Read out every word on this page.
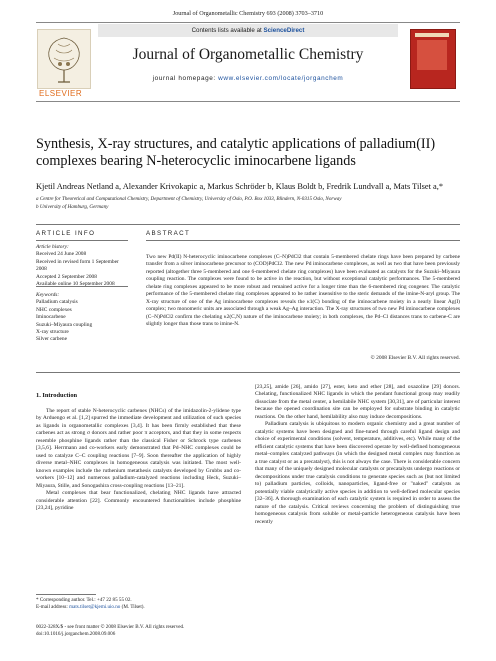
Journal of Organometallic Chemistry 693 (2008) 3703–3710
ELSEVIER
Contents lists available at ScienceDirect
Journal of Organometallic Chemistry
journal homepage: www.elsevier.com/locate/jorganchem
Synthesis, X-ray structures, and catalytic applications of palladium(II) complexes bearing N-heterocyclic iminocarbene ligands
Kjetil Andreas Netland a, Alexander Krivokapic a, Markus Schröder b, Klaus Boldt b, Fredrik Lundvall a, Mats Tilset a,*
a Centre for Theoretical and Computational Chemistry, Department of Chemistry, University of Oslo, P.O. Box 1033, Blindern, N-0315 Oslo, Norway
b University of Hamburg, Germany
ARTICLE INFO
Article history:
Received 24 June 2008
Received in revised form 1 September 2008
Accepted 2 September 2008
Available online 10 September 2008
Keywords:
Palladium catalysis
NHC complexes
Iminocarbene
Suzuki–Miyaura coupling
X-ray structure
Silver carbene
ABSTRACT
Two new Pd(II) N-heterocyclic iminocarbene complexes (C–N)PdCl2 that contain 5-membered chelate rings have been prepared by carbene transfer from a silver iminocarbene precursor to (COD)PdCl2. The new Pd iminocarbene complexes, as well as two that have been previously reported (altogether three 5-membered and one 6-membered chelate ring complexes) have been evaluated as catalysts for the Suzuki–Miyaura coupling reaction. The complexes were found to be active in the reaction, but without exceptional catalytic performances. The 5-membered chelate ring complexes appeared to be more robust and remained active for a longer time than the 6-membered ring congener. The catalytic performance of the 5-membered chelate ring complexes appeared to be rather insensitive to the steric demands of the imine-N-aryl group. The X-ray structure of one of the Ag iminocarbene complexes reveals the κ1(C) bonding of the iminocarbene moiety in a nearly linear Ag(I) complex; two monomeric units are associated through a weak Ag–Ag interaction. The X-ray structures of two new Pd iminocarbene complexes (C–N)PdCl2 confirm the chelating κ2(C,N) nature of the iminocarbene moiety; in both complexes, the Pd–Cl distances trans to carbene-C are slightly longer than those trans to imine-N.
© 2008 Elsevier B.V. All rights reserved.
1. Introduction

The report of stable N-heterocyclic carbenes (NHCs) of the imidazolin-2-ylidene type by Arduengo et al. [1,2] spurred the immediate development and utilization of such species as ligands in organometallic complexes [3,4]. It has been firmly established that these carbenes act as strong σ donors and rather poor π acceptors, and that they in some respects resemble phosphine ligands rather than the classical Fisher or Schrock type carbenes [3,5,6]. Herrmann and co-workers early demonstrated that Pd–NHC complexes could be used to catalyze C–C coupling reactions [7–9]. Soon thereafter the application of highly diverse metal–NHC complexes in homogeneous catalysis was initiated. The most well-known examples include the ruthenium metathesis catalysts developed by Grubbs and co-workers [10–12] and numerous palladium-catalyzed reactions including Heck, Suzuki–Miyaura, Stille, and Sonogashira cross-coupling reactions [13–21].

Metal complexes that bear functionalized, chelating NHC ligands have attracted considerable attention [22]. Commonly encountered functionalities include phosphine [23,24], pyridine

[23,25], amide [26], amido [27], ester, keto and ether [28], and oxazoline [29] donors. Chelating, functionalized NHC ligands in which the pendant functional group may readily dissociate from the metal center, a hemilabile NHC system [30,31], are of particular interest because the opened coordination site can be employed for substrate binding in catalytic reactions. On the other hand, hemilability also may induce decompositions.

Palladium catalysis is ubiquitous to modern organic chemistry and a great number of catalytic systems have been designed and fine-tuned through careful ligand design and choice of experimental conditions (solvent, temperature, additives, etc). While many of the efficient catalytic systems that have been discovered operate by well-defined homogeneous metal–complex catalyzed pathways (in which the designed metal complex may function as a true catalyst or as a precatalyst), this is not always the case. There is considerable concern that many of the uniquely designed molecular catalysts or precatalysts undergo reactions or decompositions under true catalysis conditions to generate species such as (but not limited to) palladium particles, colloids, nanoparticles, ligand-free or "naked" catalysts as potentially viable catalytically active species in addition to well-defined molecular species [32–36]. A thorough examination of each catalytic system is required in order to assess the nature of the catalysis. Critical reviews concerning the problem of distinguishing true homogeneous catalysis from soluble or metal-particle heterogeneous catalysis have been recently

* Corresponding author. Tel.: +47 22 85 55 02.
E-mail address: mats.tilset@kjemi.uio.no (M. Tilset).
0022-328X/$ - see front matter © 2008 Elsevier B.V. All rights reserved.
doi:10.1016/j.jorganchem.2008.09.006
